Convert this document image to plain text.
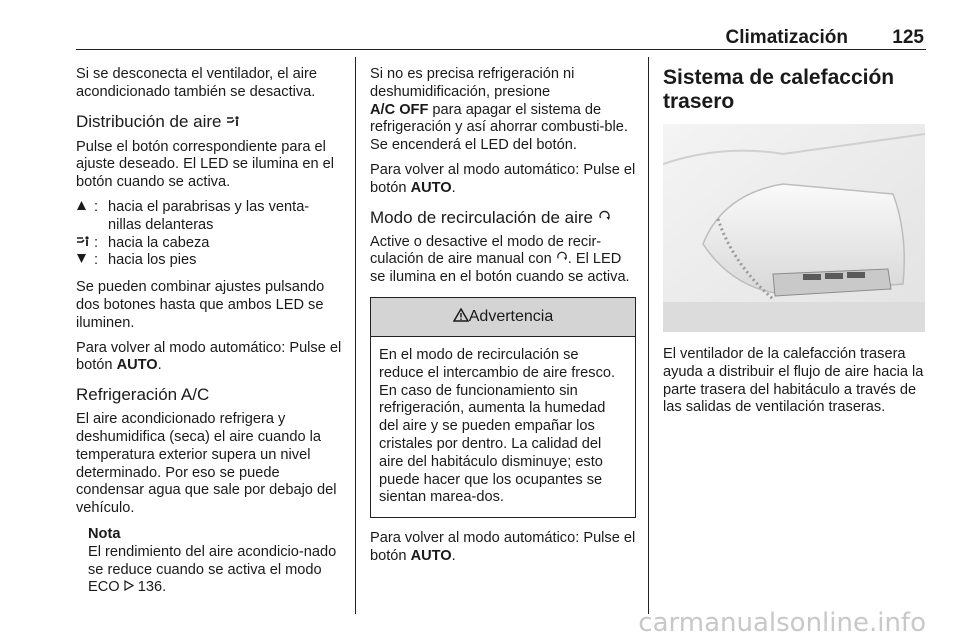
Climatización 125

Si se desconecta el ventilador, el aire acondicionado también se desactiva.

Distribución de aire

Pulse el botón correspondiente para el ajuste deseado. El LED se ilumina en el botón cuando se activa.

: hacia el parabrisas y las venta-nillas delanteras
: hacia la cabeza
: hacia los pies

Se pueden combinar ajustes pulsando dos botones hasta que ambos LED se iluminen.

Para volver al modo automático: Pulse el botón AUTO.

Refrigeración A/C

El aire acondicionado refrigera y deshumidifica (seca) el aire cuando la temperatura exterior supera un nivel determinado. Por eso se puede condensar agua que sale por debajo del vehículo.

Nota
El rendimiento del aire acondicio-nado se reduce cuando se activa el modo ECO  136.

Si no es precisa refrigeración ni deshumidificación, presione
A/C OFF para apagar el sistema de refrigeración y así ahorrar combusti-ble. Se encenderá el LED del botón.

Para volver al modo automático: Pulse el botón AUTO.

Modo de recirculación de aire

Active o desactive el modo de recir-culación de aire manual con . El LED se ilumina en el botón cuando se activa.

Advertencia
En el modo de recirculación se reduce el intercambio de aire fresco. En caso de funcionamiento sin refrigeración, aumenta la humedad del aire y se pueden empañar los cristales por dentro. La calidad del aire del habitáculo disminuye; esto puede hacer que los ocupantes se sientan marea-dos.

Para volver al modo automático: Pulse el botón AUTO.

Sistema de calefacción trasero

El ventilador de la calefacción trasera ayuda a distribuir el flujo de aire hacia la parte trasera del habitáculo a través de las salidas de ventilación traseras.

carmanualsonline.info
